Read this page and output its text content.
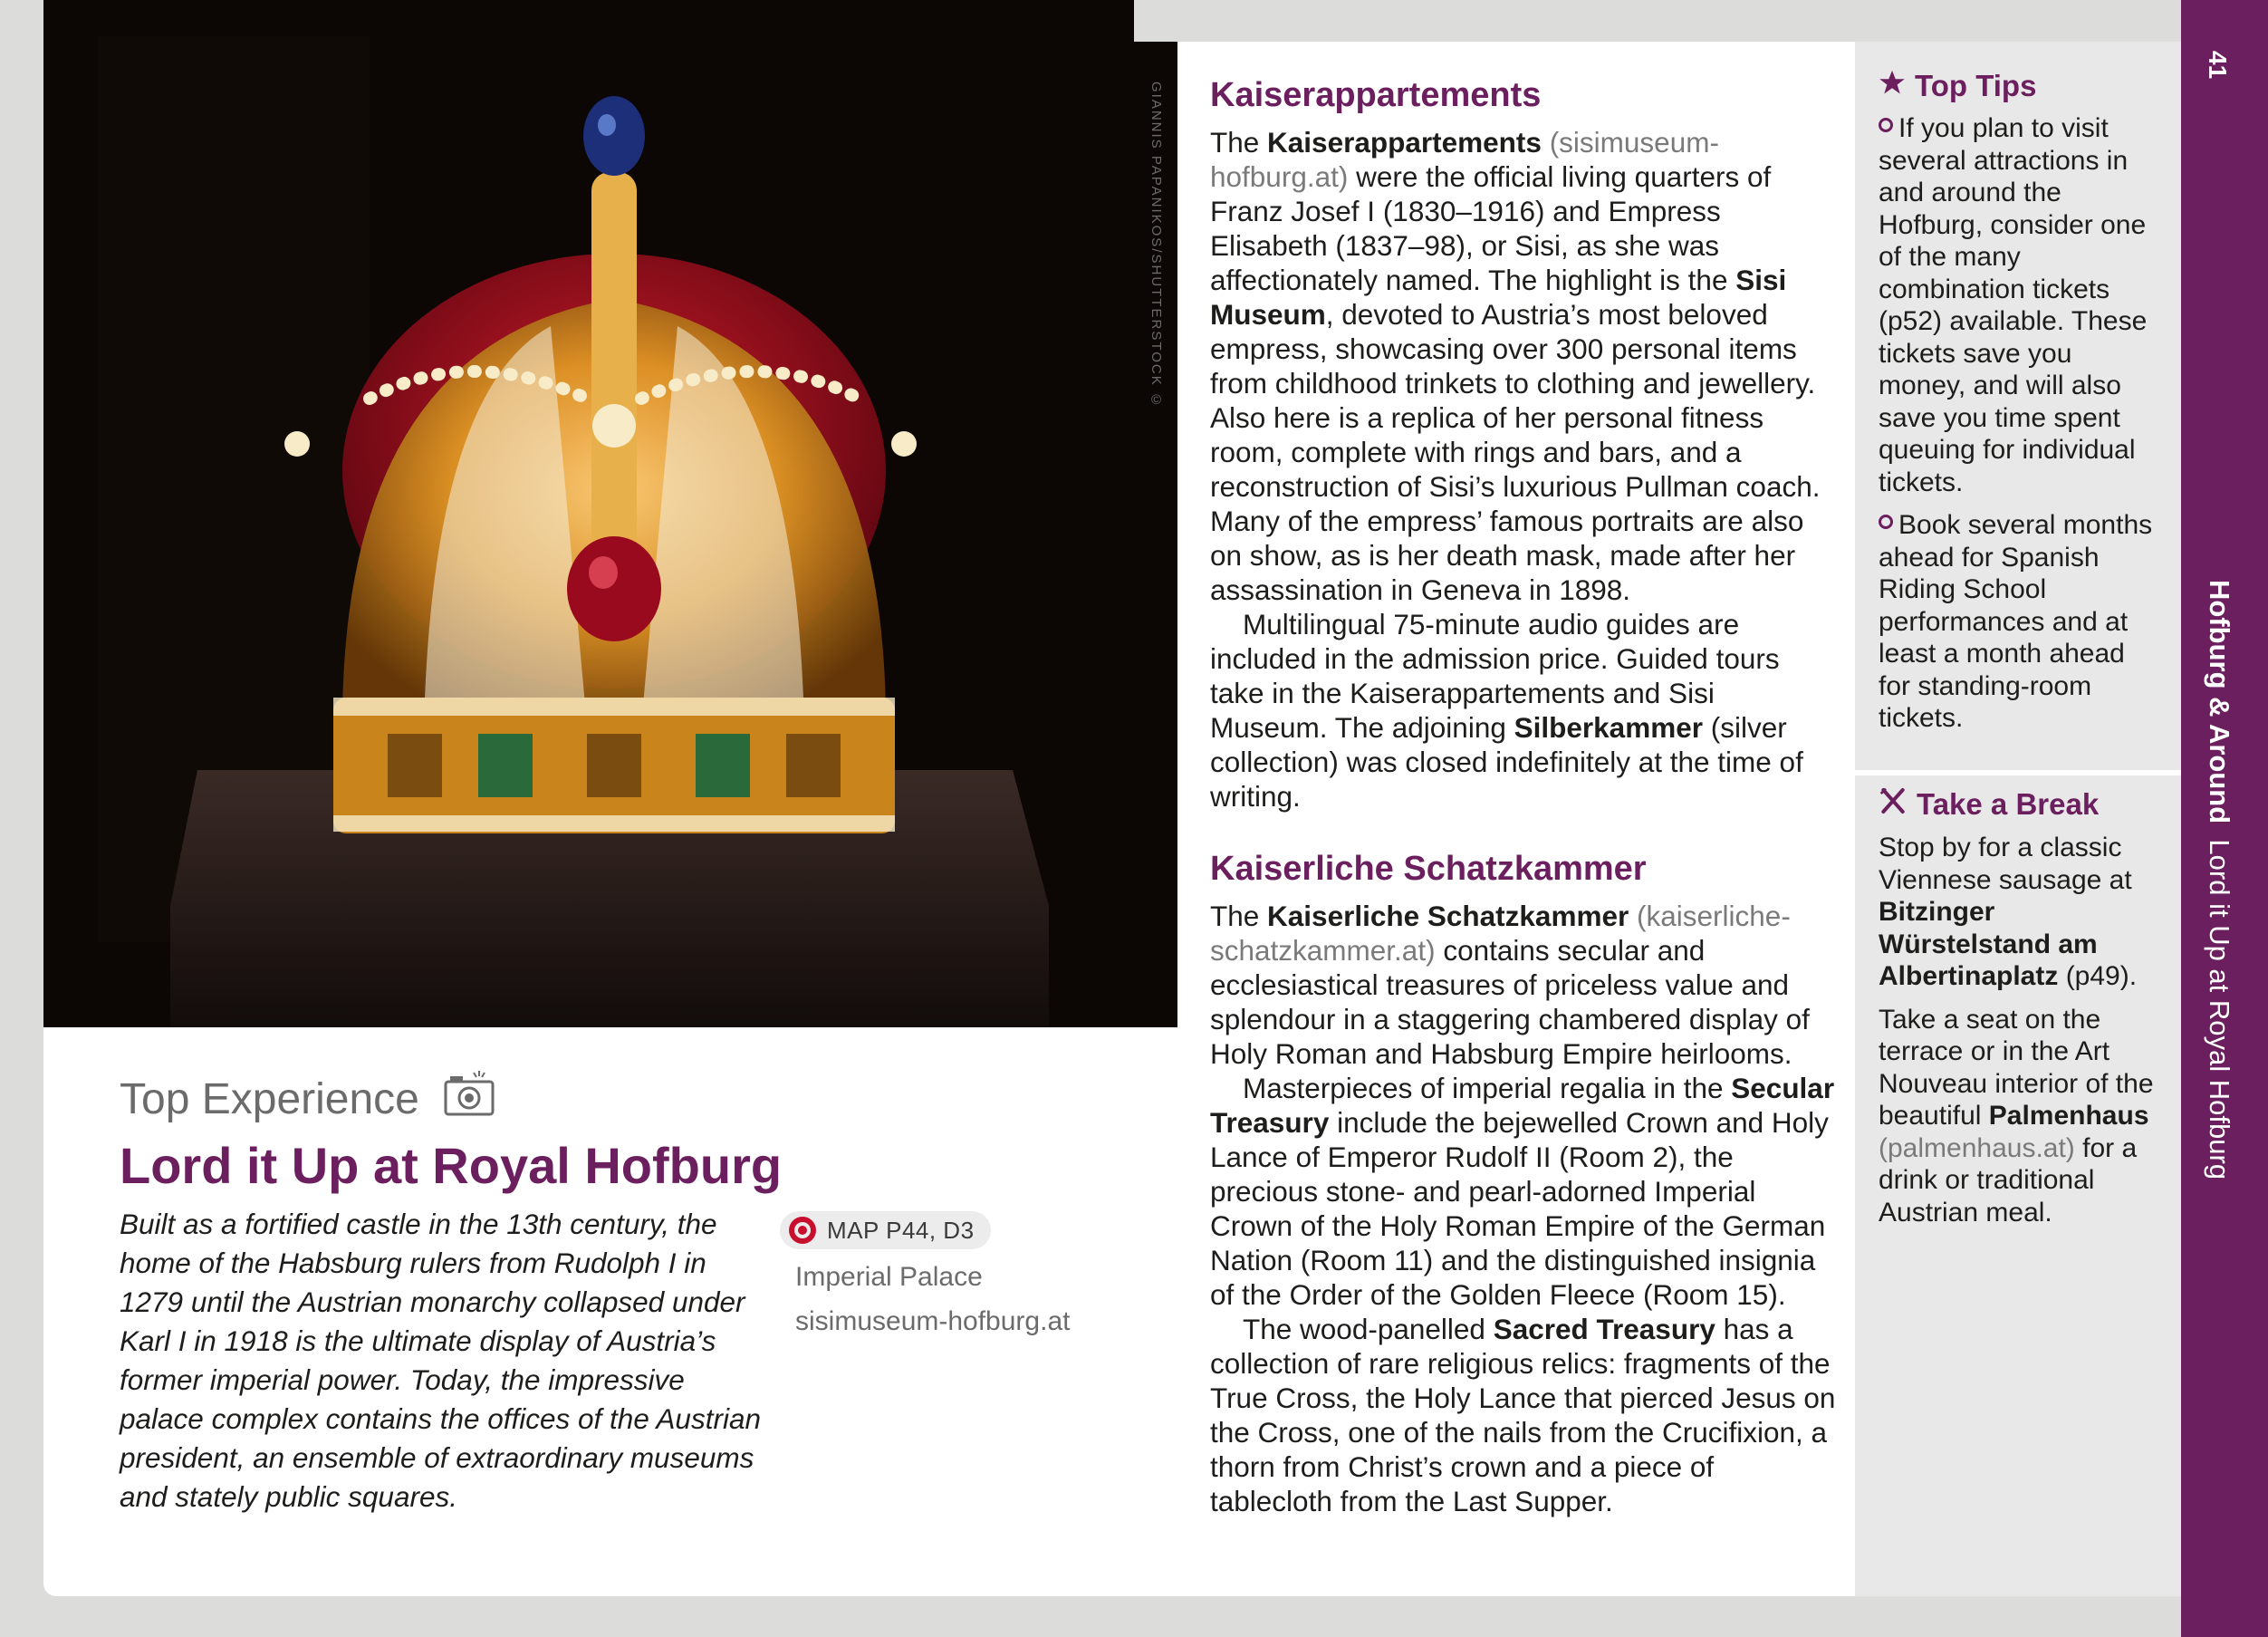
Top Experience
Lord it Up at Royal Hofburg
Built as a fortified castle in the 13th century, the home of the Habsburg rulers from Rudolph I in 1279 until the Austrian monarchy collapsed under Karl I in 1918 is the ultimate display of Austria’s former imperial power. Today, the impressive palace complex contains the offices of the Austrian president, an ensemble of extraordinary museums and stately public squares.
MAP P44, D3
Imperial Palace
sisimuseum-hofburg.at
GIANNIS PAPANIKOS/SHUTTERSTOCK © Kaiserappartements

The Kaiserappartements (sisimuseum-hofburg.at) were the official living quarters of Franz Josef I (1830–1916) and Empress Elisabeth (1837–98), or Sisi, as she was affectionately named. The highlight is the Sisi Museum, devoted to Austria’s most beloved empress, showcasing over 300 personal items from childhood trinkets to clothing and jewellery. Also here is a replica of her personal fitness room, complete with rings and bars, and a reconstruction of Sisi’s luxurious Pullman coach. Many of the empress’ famous portraits are also on show, as is her death mask, made after her assassination in Geneva in 1898.

Multilingual 75-minute audio guides are included in the admission price. Guided tours take in the Kaiserappartements and Sisi Museum. The adjoining Silberkammer (silver collection) was closed indefinitely at the time of writing.

Kaiserliche Schatzkammer

The Kaiserliche Schatzkammer (kaiserliche-schatzkammer.at) contains secular and ecclesiastical treasures of priceless value and splendour in a staggering chambered display of Holy Roman and Habsburg Empire heirlooms.

Masterpieces of imperial regalia in the Secular Treasury include the bejewelled Crown and Holy Lance of Emperor Rudolf II (Room 2), the precious stone- and pearl-adorned Imperial Crown of the Holy Roman Empire of the German Nation (Room 11) and the distinguished insignia of the Order of the Golden Fleece (Room 15).

The wood-panelled Sacred Treasury has a collection of rare religious relics: fragments of the True Cross, the Holy Lance that pierced Jesus on the Cross, one of the nails from the Crucifixion, a thorn from Christ’s crown and a piece of tablecloth from the Last Supper.

Top Tips

If you plan to visit several attractions in and around the Hofburg, consider one of the many combination tickets (p52) available. These tickets save you money, and will also save you time spent queuing for individual tickets.

Book several months ahead for Spanish Riding School performances and at least a month ahead for standing-room tickets.

Take a Break

Stop by for a classic Viennese sausage at Bitzinger Würstelstand am Albertinaplatz (p49).

Take a seat on the terrace or in the Art Nouveau interior of the beautiful Palmenhaus (palmenhaus.at) for a drink or traditional Austrian meal.

41
Hofburg & Around  Lord it Up at Royal Hofburg
